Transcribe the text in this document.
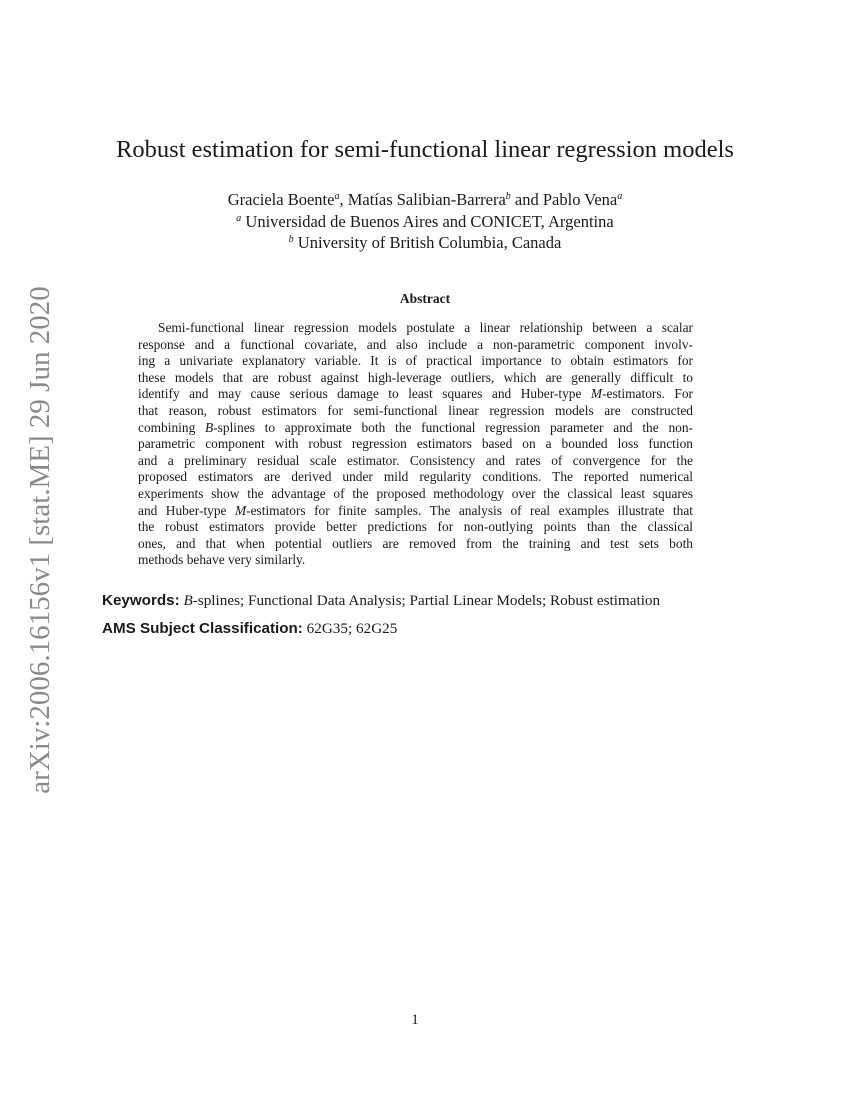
arXiv:2006.16156v1 [stat.ME] 29 Jun 2020
Robust estimation for semi-functional linear regression models
Graciela Boente$^a$, Matías Salibian-Barrera$^b$ and Pablo Vena$^a$
$^a$ Universidad de Buenos Aires and CONICET, Argentina
$^b$ University of British Columbia, Canada
Abstract
Semi-functional linear regression models postulate a linear relationship between a scalar
response and a functional covariate, and also include a non-parametric component involv-
ing a univariate explanatory variable. It is of practical importance to obtain estimators for
these models that are robust against high-leverage outliers, which are generally difficult to
identify and may cause serious damage to least squares and Huber-type M-estimators. For
that reason, robust estimators for semi-functional linear regression models are constructed
combining B-splines to approximate both the functional regression parameter and the non-
parametric component with robust regression estimators based on a bounded loss function
and a preliminary residual scale estimator. Consistency and rates of convergence for the
proposed estimators are derived under mild regularity conditions. The reported numerical
experiments show the advantage of the proposed methodology over the classical least squares
and Huber-type M-estimators for finite samples. The analysis of real examples illustrate that
the robust estimators provide better predictions for non-outlying points than the classical
ones, and that when potential outliers are removed from the training and test sets both
methods behave very similarly.
Keywords: B-splines; Functional Data Analysis; Partial Linear Models; Robust estimation
AMS Subject Classification: 62G35; 62G25
1
